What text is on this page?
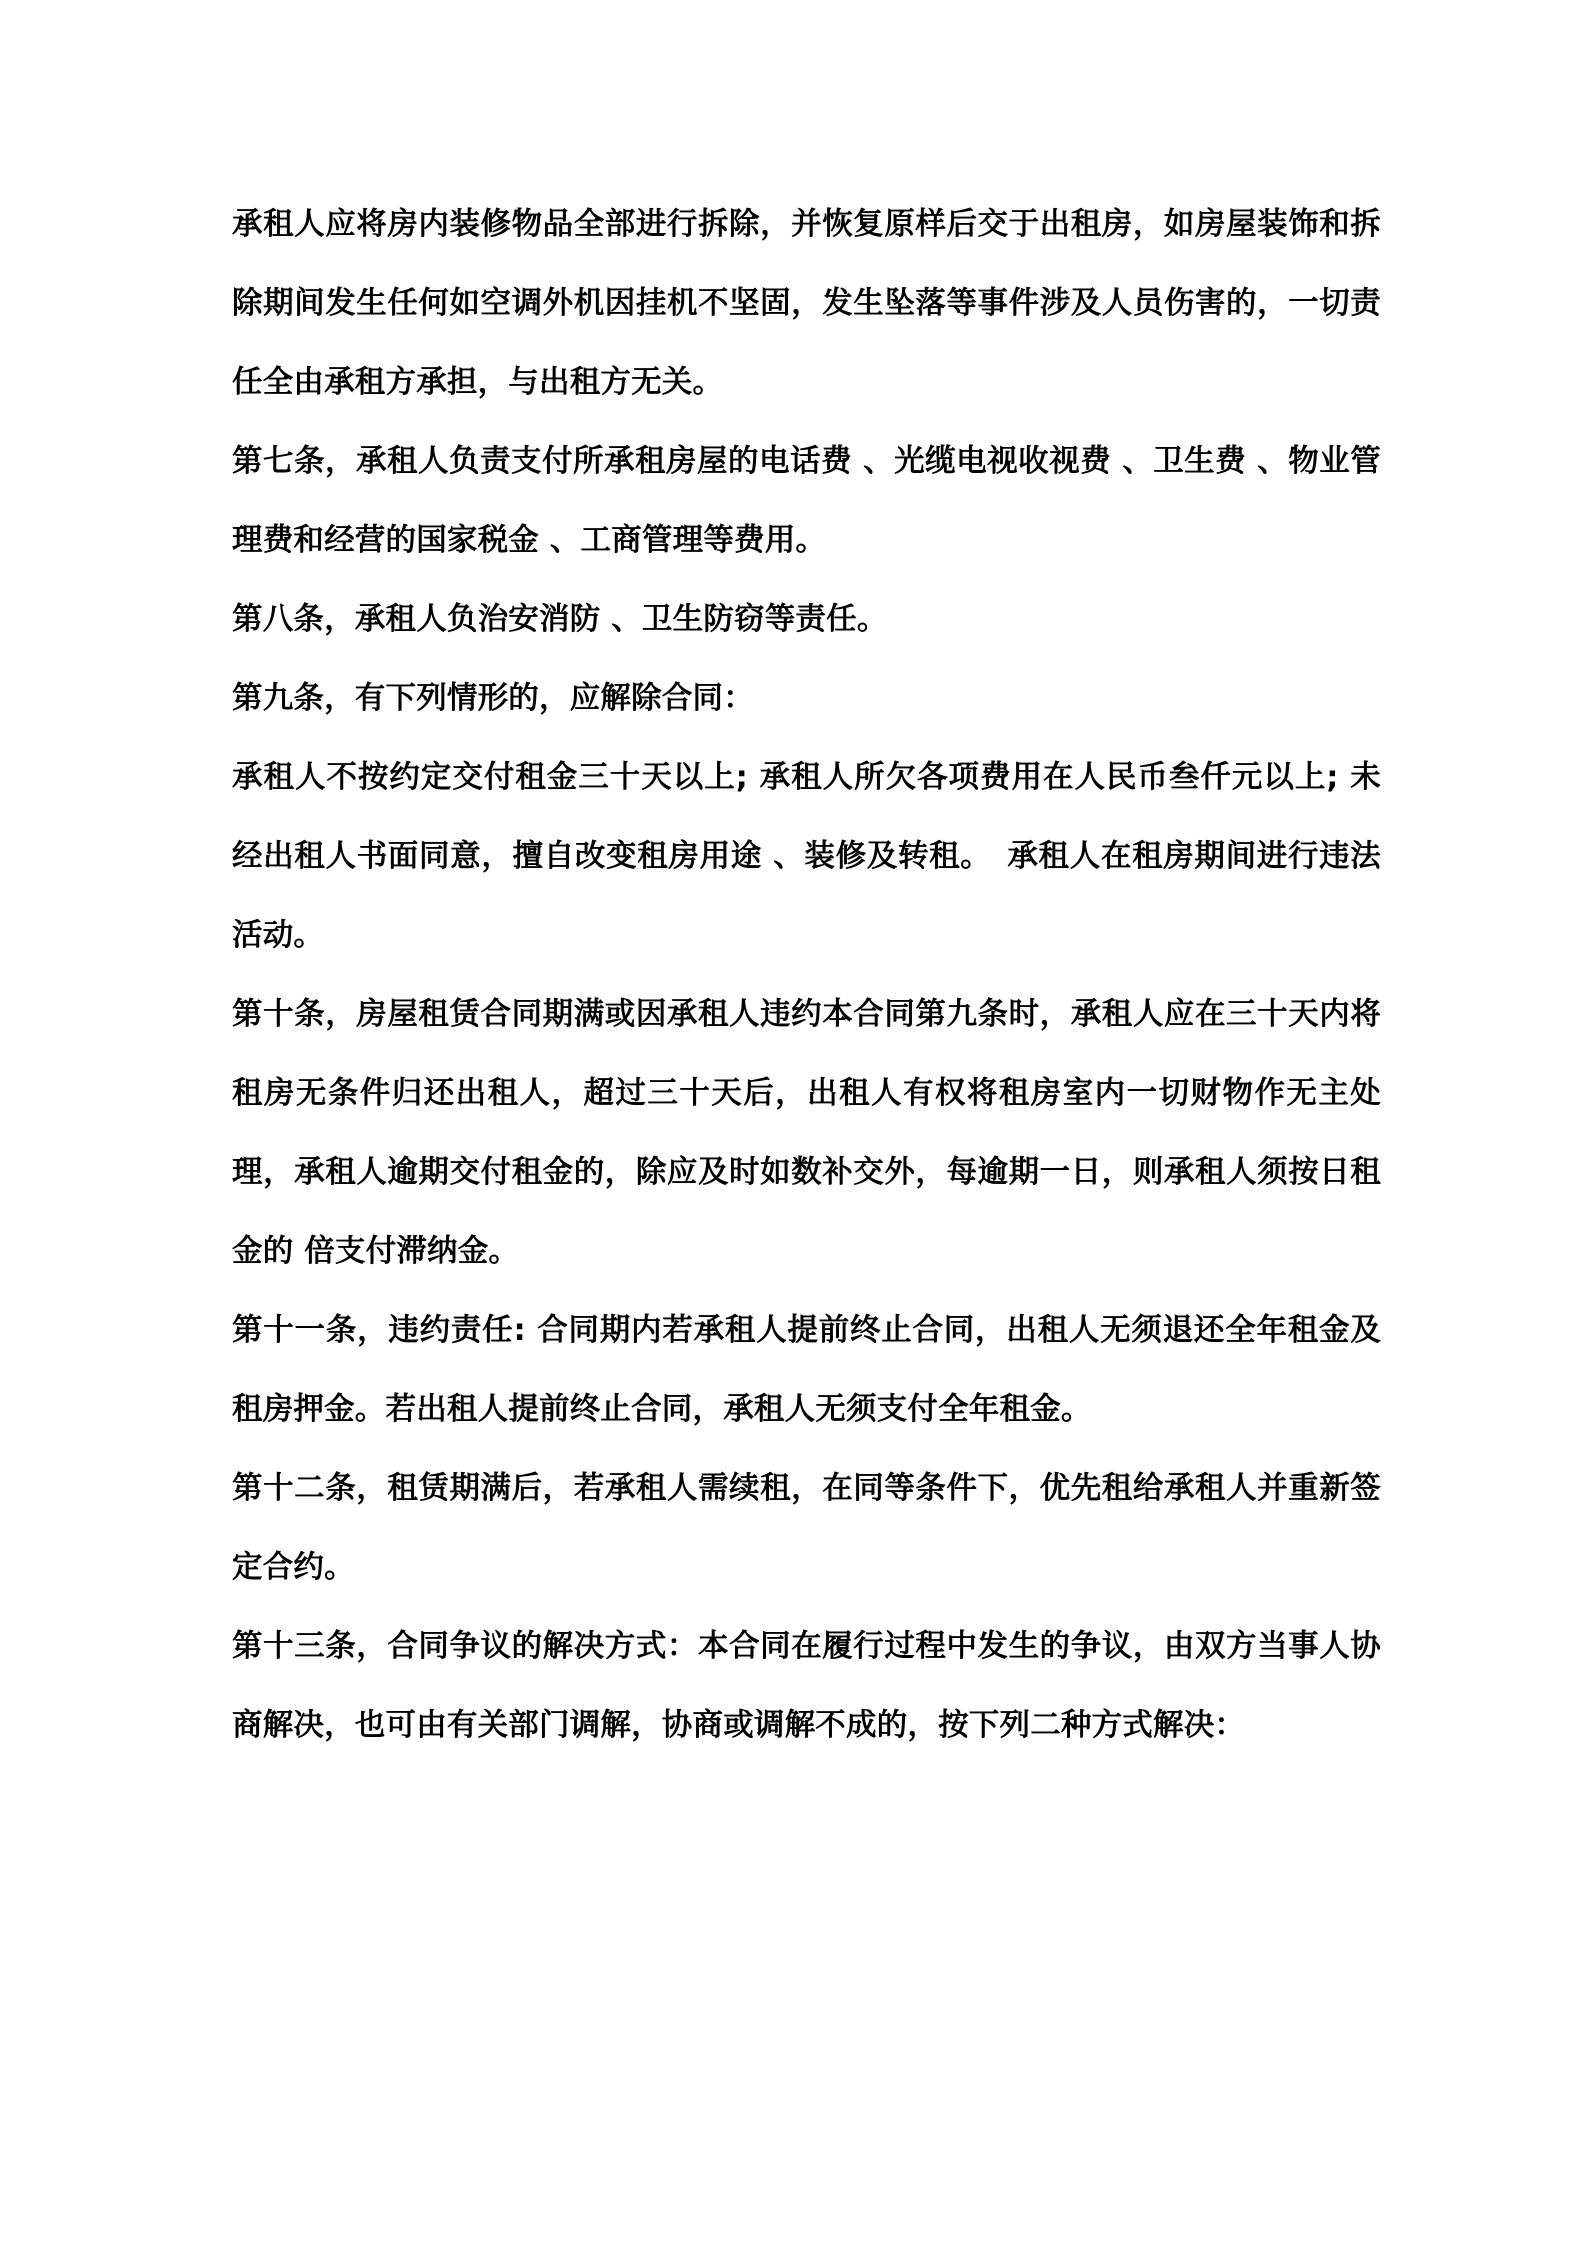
承租人应将房内装修物品全部进行拆除，并恢复原样后交于出租房，如房屋装饰和拆除期间发生任何如空调外机因挂机不坚固，发生坠落等事件涉及人员伤害的，一切责任全由承租方承担，与出租方无关。

第七条，承租人负责支付所承租房屋的电话费 、光缆电视收视费 、卫生费 、物业管理费和经营的国家税金 、工商管理等费用。

第八条，承租人负治安消防 、卫生防窃等责任。

第九条，有下列情形的，应解除合同：

承租人不按约定交付租金三十天以上; 承租人所欠各项费用在人民币叁仟元以上; 未经出租人书面同意，擅自改变租房用途 、装修及转租。　承租人在租房期间进行违法活动。

第十条，房屋租赁合同期满或因承租人违约本合同第九条时，承租人应在三十天内将租房无条件归还出租人，超过三十天后，出租人有权将租房室内一切财物作无主处理，承租人逾期交付租金的，除应及时如数补交外，每逾期一日，则承租人须按日租金的 倍支付滞纳金。

第十一条，违约责任: 合同期内若承租人提前终止合同，出租人无须退还全年租金及租房押金。若出租人提前终止合同，承租人无须支付全年租金。

第十二条，租赁期满后，若承租人需续租，在同等条件下，优先租给承租人并重新签定合约。

第十三条，合同争议的解决方式：本合同在履行过程中发生的争议，由双方当事人协商解决，也可由有关部门调解，协商或调解不成的，按下列二种方式解决：
